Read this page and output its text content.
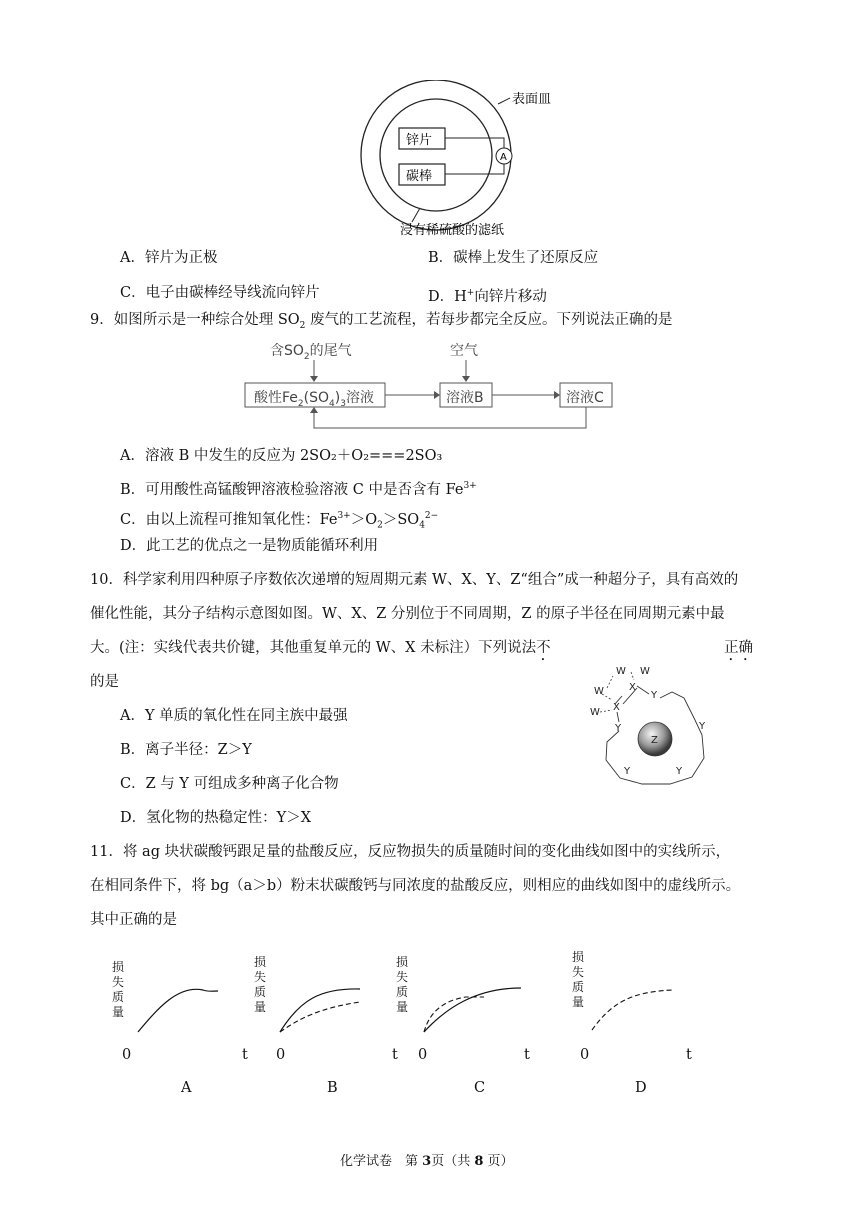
表面皿
锌片
碳棒
A
浸有稀硫酸的滤纸
A．锌片为正极	B．碳棒上发生了还原反应
C．电子由碳棒经导线流向锌片	D．H+向锌片移动
9．如图所示是一种综合处理 $SO_2$ 废气的工艺流程，若每步都完全反应。下列说法正确的是
含$SO_2$的尾气	空气
酸性$Fe_2(SO_4)_3$溶液	溶液B	溶液C
A．溶液 B 中发生的反应为 2SO₂＋O₂===2SO₃
B．可用酸性高锰酸钾溶液检验溶液 C 中是否含有 $Fe^{3+}$
C．由以上流程可推知氧化性：$Fe^{3+}>O_2>SO_4^{2-}$
D．此工艺的优点之一是物质能循环利用
10．科学家利用四种原子序数依次递增的短周期元素 W、X、Y、Z“组合”成一种超分子，具有高效的
催化性能，其分子结构示意图如图。W、X、Z 分别位于不同周期，Z 的原子半径在同周期元素中最
大。(注：实线代表共价键，其他重复单元的 W、X 未标注）下列说法不	正确
的是
A．Y 单质的氧化性在同主族中最强
B．离子半径：Z＞Y
C．Z 与 Y 可组成多种离子化合物
D．氢化物的热稳定性：Y＞X
W W
W
W
X
X
Y
Y	Y
Y	Y
Z
11．将 ag 块状碳酸钙跟足量的盐酸反应，反应物损失的质量随时间的变化曲线如图中的实线所示，
在相同条件下，将 bg（a＞b）粉末状碳酸钙与同浓度的盐酸反应，则相应的曲线如图中的虚线所示。
其中正确的是
损失质量
损失质量
损失质量
损失质量
0	t 0	t 0	t	0	t
A	B	C	D
化学试卷　第 3页（共 8 页）
